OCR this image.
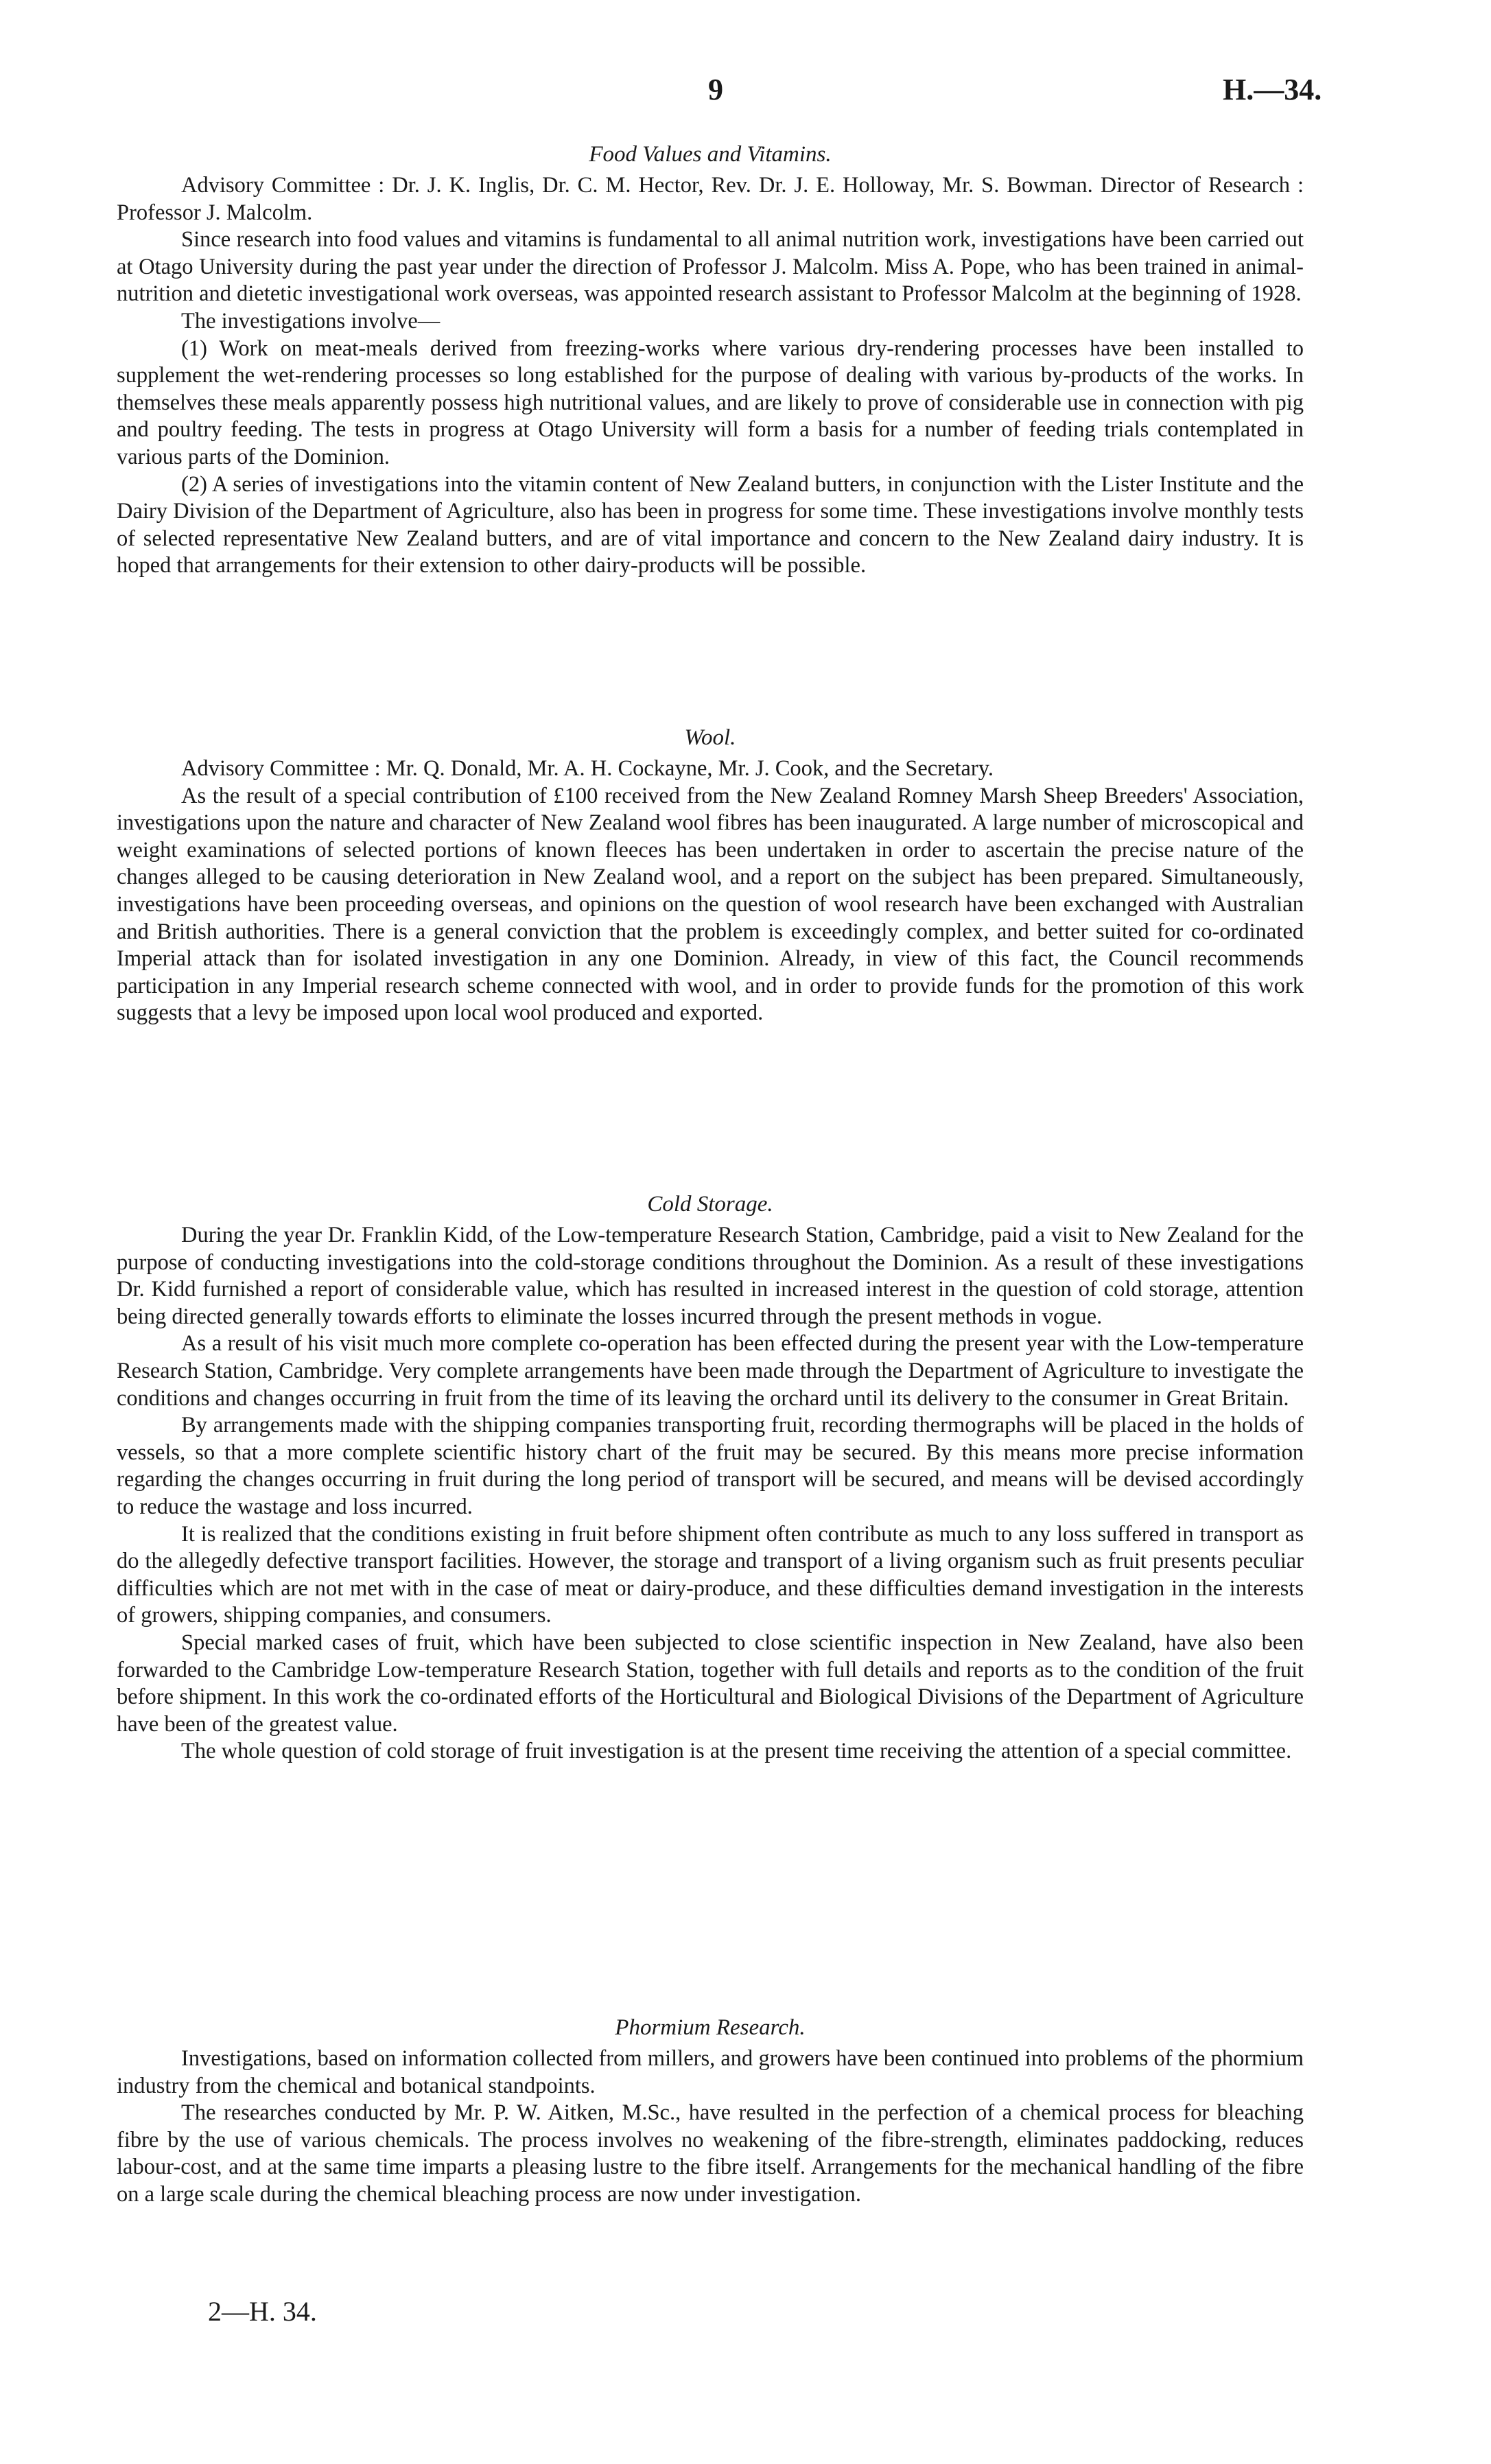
9	H.—34.
Food Values and Vitamins.

Advisory Committee : Dr. J. K. Inglis, Dr. C. M. Hector, Rev. Dr. J. E. Holloway, Mr. S. Bowman. Director of Research : Professor J. Malcolm.

Since research into food values and vitamins is fundamental to all animal nutrition work, investigations have been carried out at Otago University during the past year under the direction of Professor J. Malcolm. Miss A. Pope, who has been trained in animal-nutrition and dietetic investigational work overseas, was appointed research assistant to Professor Malcolm at the beginning of 1928.

The investigations involve—

(1) Work on meat-meals derived from freezing-works where various dry-rendering processes have been installed to supplement the wet-rendering processes so long established for the purpose of dealing with various by-products of the works. In themselves these meals apparently possess high nutritional values, and are likely to prove of considerable use in connection with pig and poultry feeding. The tests in progress at Otago University will form a basis for a number of feeding trials contemplated in various parts of the Dominion.

(2) A series of investigations into the vitamin content of New Zealand butters, in conjunction with the Lister Institute and the Dairy Division of the Department of Agriculture, also has been in progress for some time. These investigations involve monthly tests of selected representative New Zealand butters, and are of vital importance and concern to the New Zealand dairy industry. It is hoped that arrangements for their extension to other dairy-products will be possible.

Wool.

Advisory Committee : Mr. Q. Donald, Mr. A. H. Cockayne, Mr. J. Cook, and the Secretary.

As the result of a special contribution of £100 received from the New Zealand Romney Marsh Sheep Breeders' Association, investigations upon the nature and character of New Zealand wool fibres has been inaugurated. A large number of microscopical and weight examinations of selected portions of known fleeces has been undertaken in order to ascertain the precise nature of the changes alleged to be causing deterioration in New Zealand wool, and a report on the subject has been prepared. Simultaneously, investigations have been proceeding overseas, and opinions on the question of wool research have been exchanged with Australian and British authorities. There is a general conviction that the problem is exceedingly complex, and better suited for co-ordinated Imperial attack than for isolated investigation in any one Dominion. Already, in view of this fact, the Council recommends participation in any Imperial research scheme connected with wool, and in order to provide funds for the promotion of this work suggests that a levy be imposed upon local wool produced and exported.

Cold Storage.

During the year Dr. Franklin Kidd, of the Low-temperature Research Station, Cambridge, paid a visit to New Zealand for the purpose of conducting investigations into the cold-storage conditions throughout the Dominion. As a result of these investigations Dr. Kidd furnished a report of considerable value, which has resulted in increased interest in the question of cold storage, attention being directed generally towards efforts to eliminate the losses incurred through the present methods in vogue.

As a result of his visit much more complete co-operation has been effected during the present year with the Low-temperature Research Station, Cambridge. Very complete arrangements have been made through the Department of Agriculture to investigate the conditions and changes occurring in fruit from the time of its leaving the orchard until its delivery to the consumer in Great Britain.

By arrangements made with the shipping companies transporting fruit, recording thermographs will be placed in the holds of vessels, so that a more complete scientific history chart of the fruit may be secured. By this means more precise information regarding the changes occurring in fruit during the long period of transport will be secured, and means will be devised accordingly to reduce the wastage and loss incurred.

It is realized that the conditions existing in fruit before shipment often contribute as much to any loss suffered in transport as do the allegedly defective transport facilities. However, the storage and transport of a living organism such as fruit presents peculiar difficulties which are not met with in the case of meat or dairy-produce, and these difficulties demand investigation in the interests of growers, shipping companies, and consumers.

Special marked cases of fruit, which have been subjected to close scientific inspection in New Zealand, have also been forwarded to the Cambridge Low-temperature Research Station, together with full details and reports as to the condition of the fruit before shipment. In this work the co-ordinated efforts of the Horticultural and Biological Divisions of the Department of Agriculture have been of the greatest value.

The whole question of cold storage of fruit investigation is at the present time receiving the attention of a special committee.

Phormium Research.

Investigations, based on information collected from millers, and growers have been continued into problems of the phormium industry from the chemical and botanical standpoints.

The researches conducted by Mr. P. W. Aitken, M.Sc., have resulted in the perfection of a chemical process for bleaching fibre by the use of various chemicals. The process involves no weakening of the fibre-strength, eliminates paddocking, reduces labour-cost, and at the same time imparts a pleasing lustre to the fibre itself. Arrangements for the mechanical handling of the fibre on a large scale during the chemical bleaching process are now under investigation.

2—H. 34.
